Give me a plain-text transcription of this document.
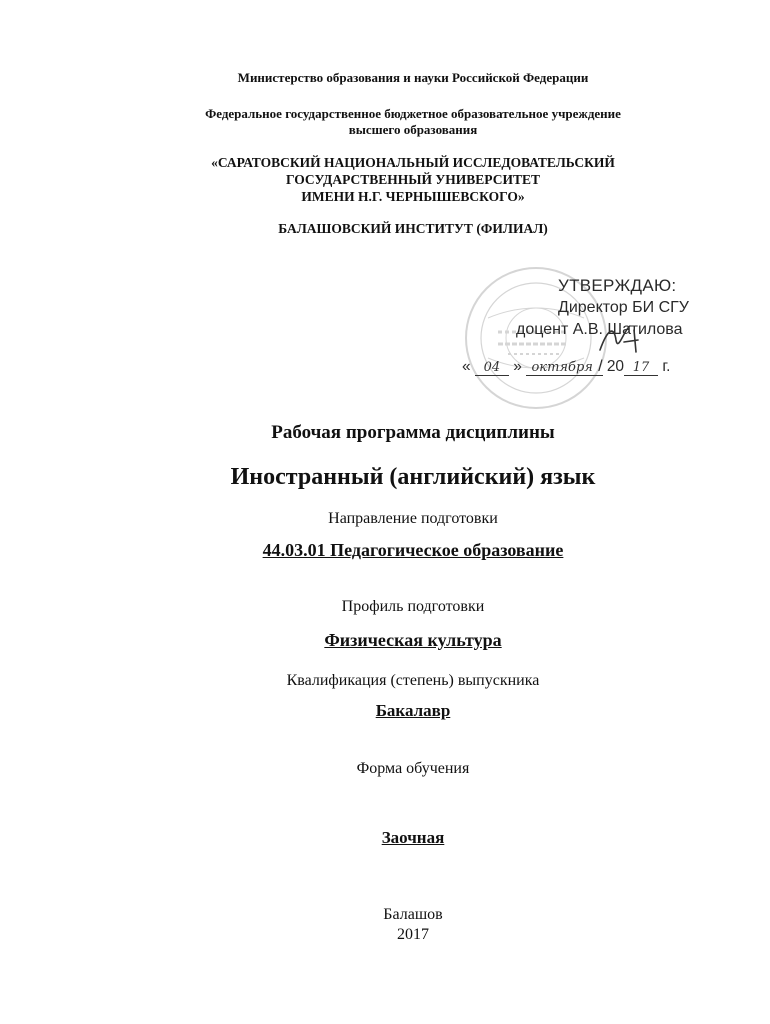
Министерство образования и науки Российской Федерации
Федеральное государственное бюджетное образовательное учреждение
высшего образования
«САРАТОВСКИЙ НАЦИОНАЛЬНЫЙ ИССЛЕДОВАТЕЛЬСКИЙ
ГОСУДАРСТВЕННЫЙ УНИВЕРСИТЕТ
ИМЕНИ Н.Г. ЧЕРНЫШЕВСКОГО»
БАЛАШОВСКИЙ ИНСТИТУТ (ФИЛИАЛ)
УТВЕРЖДАЮ:
Директор БИ СГУ
доцент А.В. Шатилова
« 04 » октября / 20 17 г.
Рабочая программа дисциплины
Иностранный (английский) язык
Направление подготовки
44.03.01 Педагогическое образование
Профиль подготовки
Физическая культура
Квалификация (степень) выпускника
Бакалавр
Форма обучения
Заочная
Балашов
2017
